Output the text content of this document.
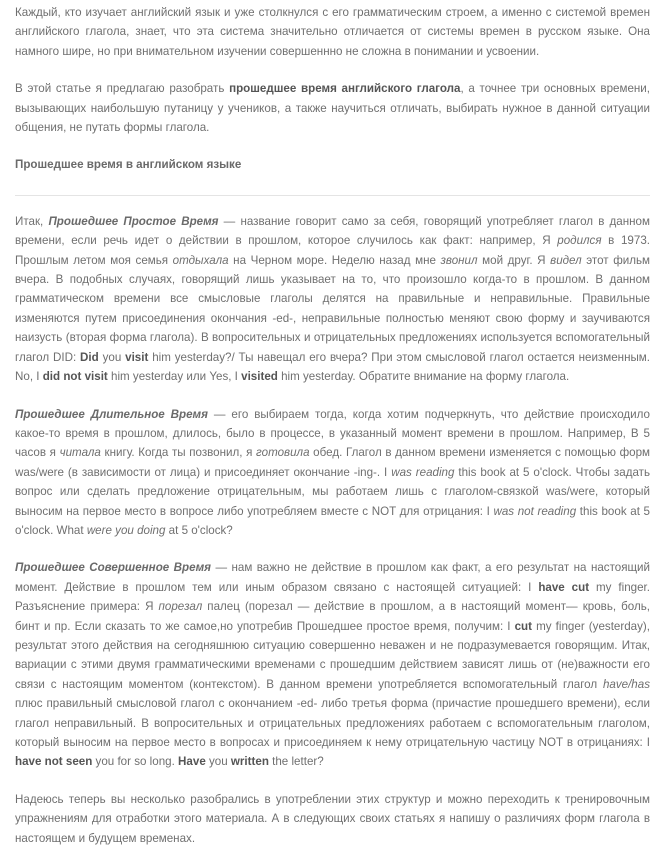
Каждый, кто изучает английский язык и уже столкнулся с его грамматическим строем, а именно с системой времен английского глагола, знает, что эта система значительно отличается от системы времен в русском языке. Она намного шире, но при внимательном изучении совершеннно не сложна в понимании и усвоении.

В этой статье я предлагаю разобрать прошедшее время английского глагола, а точнее три основных времени, вызывающих наибольшую путаницу у учеников, а также научиться отличать, выбирать нужное в данной ситуации общения, не путать формы глагола.

Прошедшее время в английском языке

Итак, Прошедшее Простое Время — название говорит само за себя, говорящий употребляет глагол в данном времени, если речь идет о действии в прошлом, которое случилось как факт: например, Я родился в 1973. Прошлым летом моя семья отдыхала на Черном море. Неделю назад мне звонил мой друг. Я видел этот фильм вчера. В подобных случаях, говорящий лишь указывает на то, что произошло когда-то в прошлом. В данном грамматическом времени все смысловые глаголы делятся на правильные и неправильные. Правильные изменяются путем присоединения окончания -ed-, неправильные полностью меняют свою форму и заучиваются наизусть (вторая форма глагола). В вопросительных и отрицательных предложениях используется вспомогательный глагол DID: Did you visit him yesterday?/ Ты навещал его вчера? При этом смысловой глагол остается неизменным. No, I did not visit him yesterday или Yes, I visited him yesterday. Обратите внимание на форму глагола.

Прошедшее Длительное Время — его выбираем тогда, когда хотим подчеркнуть, что действие происходило какое-то время в прошлом, длилось, было в процессе, в указанный момент времени в прошлом. Например, В 5 часов я читала книгу. Когда ты позвонил, я готовила обед. Глагол в данном времени изменяется с помощью форм was/were (в зависимости от лица) и присоединяет окончание -ing-. I was reading this book at 5 o'clock. Чтобы задать вопрос или сделать предложение отрицательным, мы работаем лишь с глаголом-связкой was/were, который выносим на первое место в вопросе либо употребляем вместе с NOT для отрицания: I was not reading this book at 5 o'clock. What were you doing at 5 o'clock?

Прошедшее Совершенное Время — нам важно не действие в прошлом как факт, а его результат на настоящий момент. Действие в прошлом тем или иным образом связано с настоящей ситуацией: I have cut my finger. Разъяснение примера: Я порезал палец (порезал — действие в прошлом, а в настоящий момент— кровь, боль, бинт и пр. Если сказать то же самое,но употребив Прошедшее простое время, получим: I cut my finger (yesterday), результат этого действия на сегодняшнюю ситуацию совершенно неважен и не подразумевается говорящим. Итак, вариации с этими двумя грамматическими временами с прошедшим действием зависят лишь от (не)важности его связи с настоящим моментом (контекстом). В данном времени употребляется вспомогательный глагол have/has плюс правильный смысловой глагол с окончанием -ed- либо третья форма (причастие прошедшего времени), если глагол неправильный. В вопросительных и отрицательных предложениях работаем с вспомогательным глаголом, который выносим на первое место в вопросах и присоединяем к нему отрицательную частицу NOT в отрицаниях: I have not seen you for so long. Have you written the letter?

Надеюсь теперь вы несколько разобрались в употреблении этих структур и можно переходить к тренировочным упражнениям для отработки этого материала. А в следующих своих статьях я напишу о различиях форм глагола в настоящем и будущем временах.
